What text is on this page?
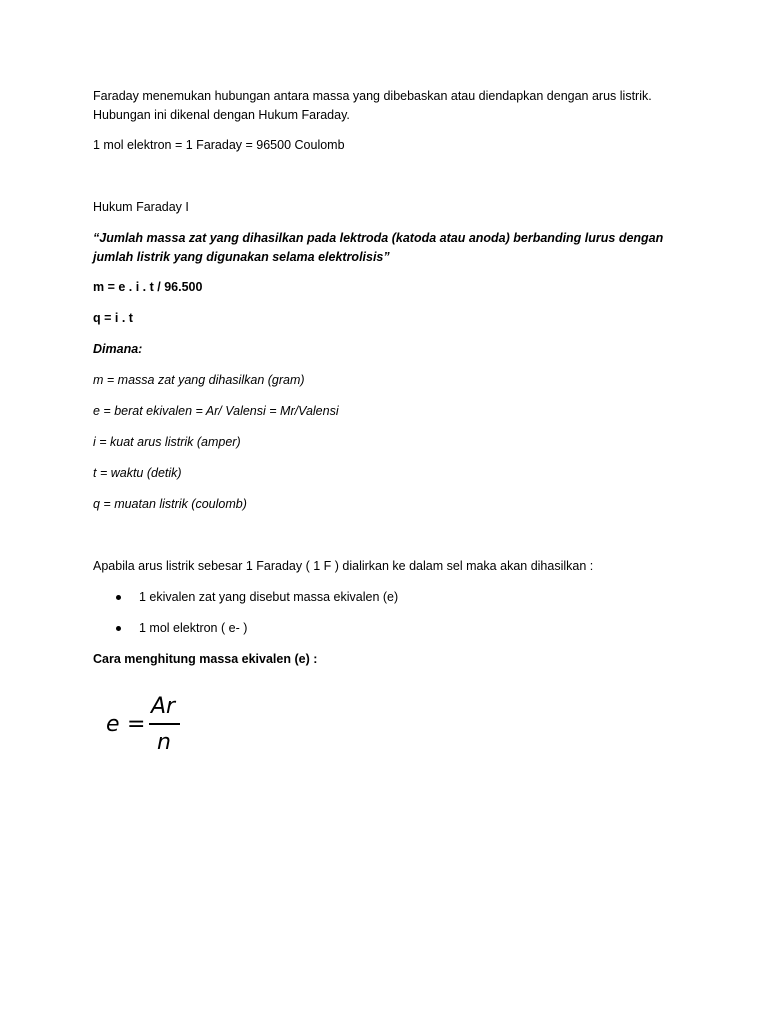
Faraday menemukan hubungan antara massa yang dibebaskan atau diendapkan dengan arus listrik.
Hubungan ini dikenal dengan Hukum Faraday.
1 mol elektron = 1 Faraday = 96500 Coulomb
Hukum Faraday I
“Jumlah massa zat yang dihasilkan pada lektroda (katoda atau anoda) berbanding lurus dengan
jumlah listrik yang digunakan selama elektrolisis”
m = e . i . t / 96.500
q = i . t
Dimana:
m = massa zat yang dihasilkan (gram)
e = berat ekivalen = Ar/ Valensi = Mr/Valensi
i = kuat arus listrik (amper)
t = waktu (detik)
q = muatan listrik (coulomb)
Apabila arus listrik sebesar 1 Faraday ( 1 F ) dialirkan ke dalam sel maka akan dihasilkan :
1 ekivalen zat yang disebut massa ekivalen (e)
1 mol elektron ( e- )
Cara menghitung massa ekivalen (e) :
e =
Ar
n
